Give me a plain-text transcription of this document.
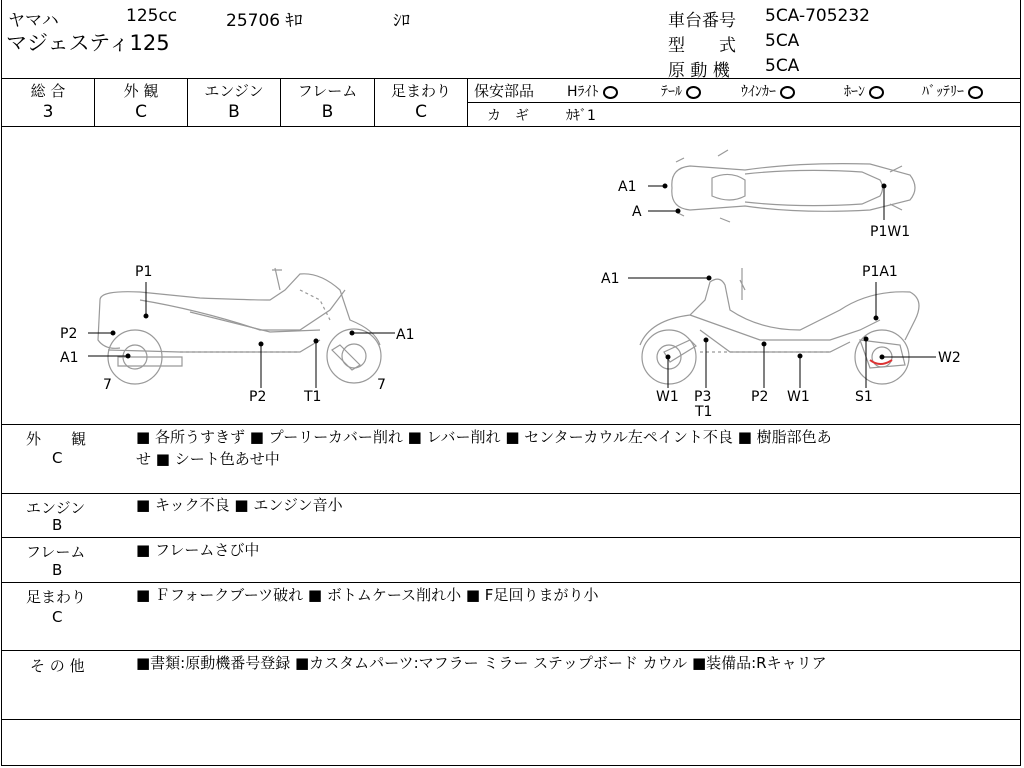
ヤマハ	125cc	25706 ｷﾛ	ｼﾛ
マジェスティ125
車台番号 5CA-705232
型　　式 5CA
原 動 機 5CA
総 合
3
外 観
C
エンジン
B
フレーム
B
足まわり
C
保安部品 Hﾗｲﾄ	ﾃｰﾙ	ｳｲﾝｶｰ	ﾎｰﾝ	ﾊﾞｯﾃﾘｰ
カ　ギ	ｶｷﾞ1
A1
A
P1W1
P1
P2
A1
A1
7	7
P2	T1
A1	P1A1
W2
W1 P3
T1
P2 W1	S1
外　　観
C
■ 各所うすきず ■ プーリーカバー削れ ■ レバー削れ ■ センターカウル左ペイント不良 ■ 樹脂部色あ
せ ■ シート色あせ中
エンジン
B
■ キック不良 ■ エンジン音小
フレーム
B
■ フレームさび中
足まわり
C
■ Ｆフォークブーツ破れ ■ ボトムケース削れ小 ■ F足回りまがり小
そ の 他	■書類:原動機番号登録 ■カスタムパーツ:マフラー ミラー ステップボード カウル ■装備品:Rキャリア
